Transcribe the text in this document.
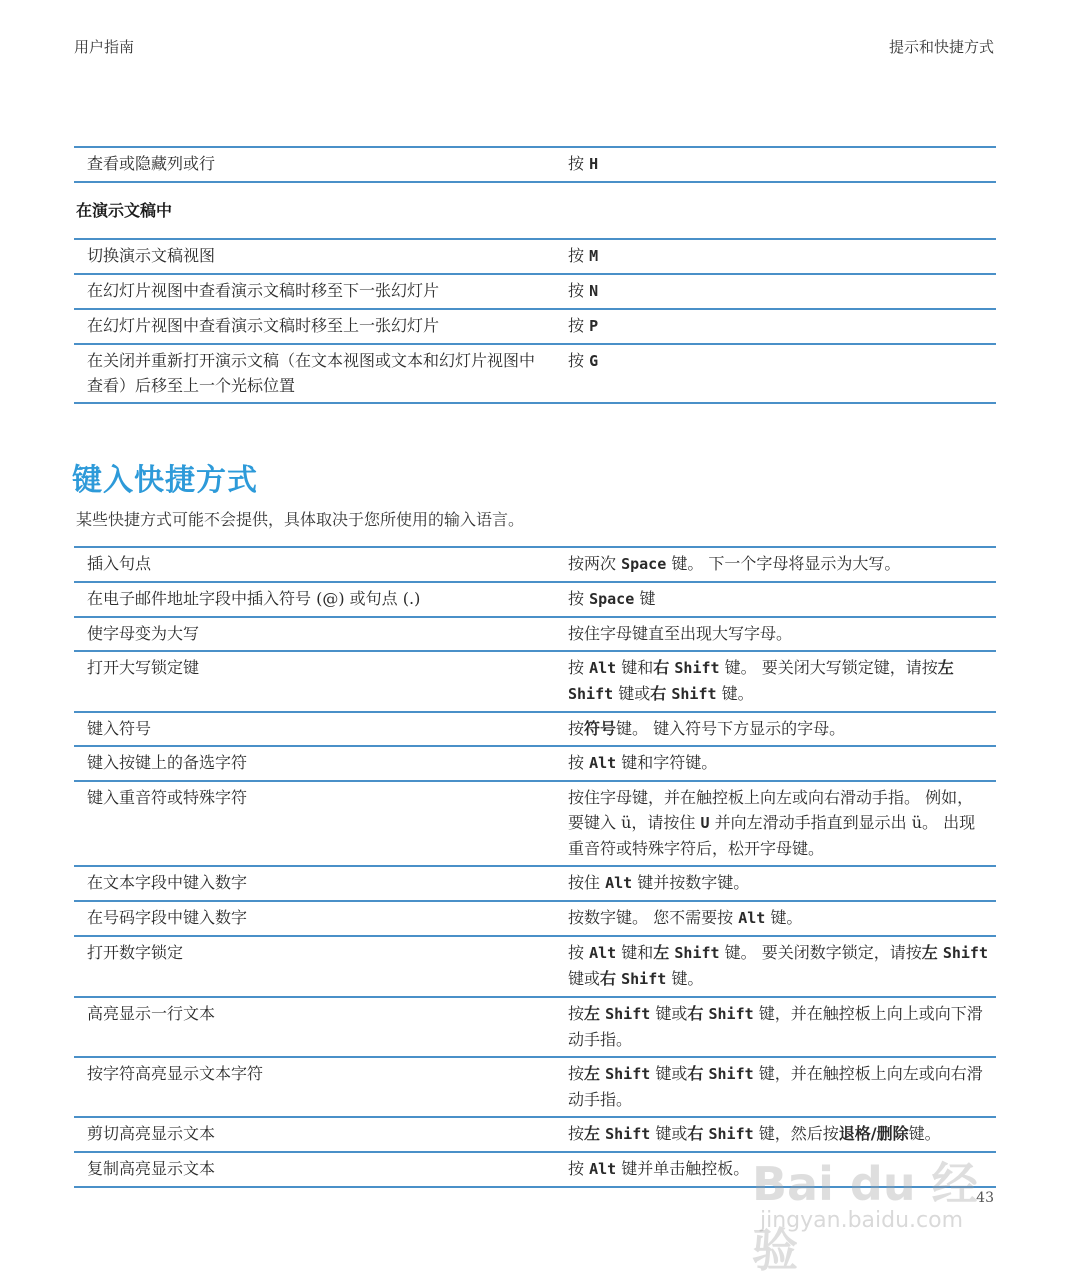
用户指南	提示和快捷方式
查看或隐藏列或行	按 H
在演示文稿中
切换演示文稿视图	按 M
在幻灯片视图中查看演示文稿时移至下一张幻灯片	按 N
在幻灯片视图中查看演示文稿时移至上一张幻灯片	按 P
在关闭并重新打开演示文稿（在文本视图或文本和幻灯片视图中查看）后移至上一个光标位置	按 G
键入快捷方式
某些快捷方式可能不会提供，具体取决于您所使用的输入语言。
插入句点	按两次 Space 键。 下一个字母将显示为大写。
在电子邮件地址字段中插入符号 (@) 或句点 (.)	按 Space 键
使字母变为大写	按住字母键直至出现大写字母。
打开大写锁定键	按 Alt 键和右 Shift 键。 要关闭大写锁定键，请按左 Shift 键或右 Shift 键。
键入符号	按符号键。 键入符号下方显示的字母。
键入按键上的备选字符	按 Alt 键和字符键。
键入重音符或特殊字符	按住字母键，并在触控板上向左或向右滑动手指。 例如，要键入 ü，请按住 U 并向左滑动手指直到显示出 ü。 出现重音符或特殊字符后，松开字母键。
在文本字段中键入数字	按住 Alt 键并按数字键。
在号码字段中键入数字	按数字键。 您不需要按 Alt 键。
打开数字锁定	按 Alt 键和左 Shift 键。 要关闭数字锁定，请按左 Shift 键或右 Shift 键。
高亮显示一行文本	按左 Shift 键或右 Shift 键，并在触控板上向上或向下滑动手指。
按字符高亮显示文本字符	按左 Shift 键或右 Shift 键，并在触控板上向左或向右滑动手指。
剪切高亮显示文本	按左 Shift 键或右 Shift 键，然后按退格/删除键。
复制高亮显示文本	按 Alt 键并单击触控板。
43
Bai du 经验
jingyan.baidu.com
